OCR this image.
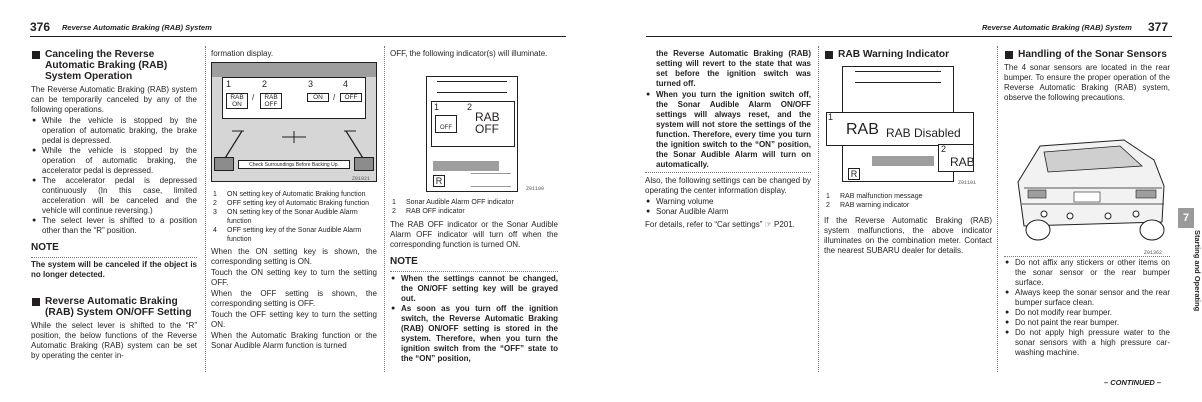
376 Reverse Automatic Braking (RAB) System
Canceling the Reverse Automatic Braking (RAB) System Operation

The Reverse Automatic Braking (RAB) system can be temporarily canceled by any of the following operations.

● While the vehicle is stopped by the operation of automatic braking, the brake pedal is depressed.
● While the vehicle is stopped by the operation of automatic braking, the accelerator pedal is depressed.
● The accelerator pedal is depressed continuously (In this case, limited acceleration will be canceled and the vehicle will continue reversing.)
● The select lever is shifted to a position other than the “R” position.
NOTE

The system will be canceled if the object is no longer detected.

Reverse Automatic Braking (RAB) System ON/OFF Setting

While the select lever is shifted to the “R” position, the below functions of the Reverse Automatic Braking (RAB) system can be set by operating the center in-

formation display.

1	2	3	4
RAB ON
RAB OFF
/	ON	OFF
/
Check Surroundings Before Backing Up.
Z01021
1	ON setting key of Automatic Braking function
2	OFF setting key of Automatic Braking function
3	ON setting key of the Sonar Audible Alarm function
4	OFF setting key of the Sonar Audible Alarm function

When the ON setting key is shown, the corresponding setting is ON.

Touch the ON setting key to turn the setting OFF.

When the OFF setting is shown, the corresponding setting is OFF.

Touch the OFF setting key to turn the setting ON.

When the Automatic Braking function or the Sonar Audible Alarm function is turned

OFF, the following indicator(s) will illuminate.

1	2
OFF
RAB OFF
R
Z01100
1	Sonar Audible Alarm OFF indicator
2	RAB OFF indicator

The RAB OFF indicator or the Sonar Audible Alarm OFF indicator will turn off when the corresponding function is turned ON.

NOTE
● When the settings cannot be changed, the ON/OFF setting key will be grayed out.
● As soon as you turn off the ignition switch, the Reverse Automatic Braking (RAB) ON/OFF setting is stored in the system. Therefore, when you turn the ignition switch from the “OFF” state to the “ON” position,
Reverse Automatic Braking (RAB) System 377

the Reverse Automatic Braking (RAB) setting will revert to the state that was set before the ignition switch was turned off.

● When you turn the ignition switch off, the Sonar Audible Alarm ON/OFF settings will always reset, and the system will not store the settings of the function. Therefore, every time you turn the ignition switch to the “ON” position, the Sonar Audible Alarm will turn on automatically.

Also, the following settings can be changed by operating the center information display.

● Warning volume
● Sonar Audible Alarm

For details, refer to “Car settings” ☞ P201.

RAB Warning Indicator
1
RAB RAB Disabled
2
RAB
R
Z01101
1	RAB malfunction message
2	RAB warning indicator

If the Reverse Automatic Braking (RAB) system malfunctions, the above indicator illuminates on the combination meter. Contact the nearest SUBARU dealer for details.

Handling of the Sonar Sensors

The 4 sonar sensors are located in the rear bumper. To ensure the proper operation of the Reverse Automatic Braking (RAB) system, observe the following precautions.

Z01362
● Do not affix any stickers or other items on the sonar sensor or the rear bumper surface.
● Always keep the sonar sensor and the rear bumper surface clean.
● Do not modify rear bumper.
● Do not paint the rear bumper.
● Do not apply high pressure water to the sonar sensors with a high pressure car-washing machine.
7
Starting and Operating
– CONTINUED –
